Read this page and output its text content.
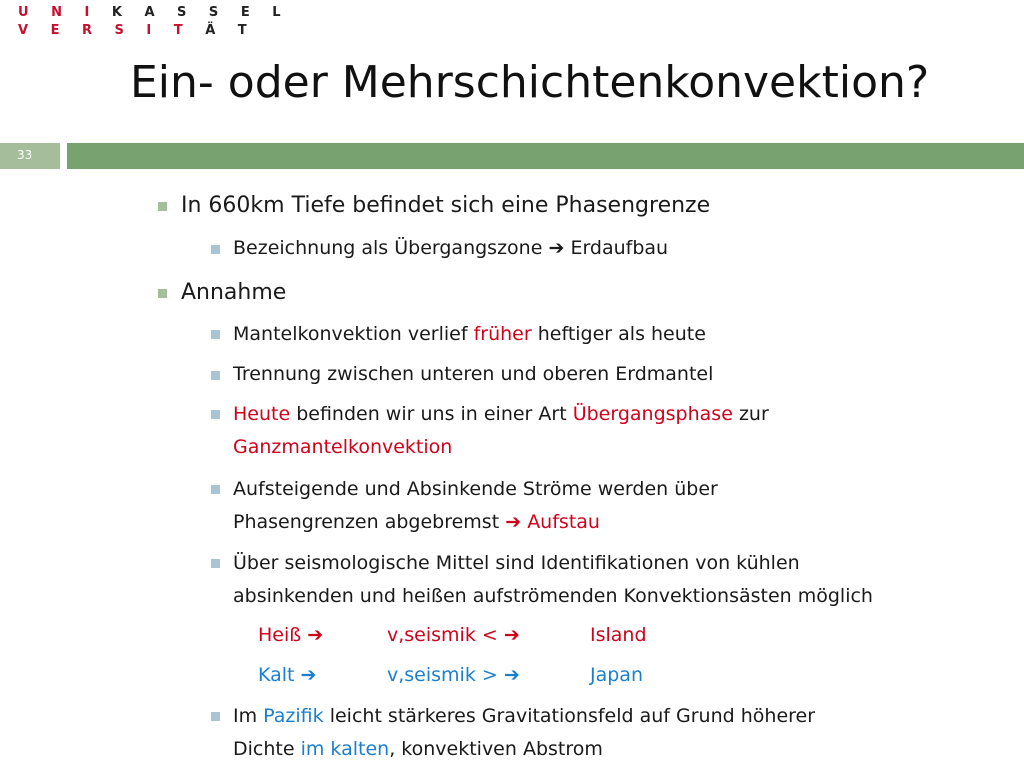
U N I K A S S E L
V E R S I T Ä T
Ein- oder Mehrschichtenkonvektion?
33
In 660km Tiefe befindet sich eine Phasengrenze
Bezeichnung als Übergangszone ➔ Erdaufbau
Annahme
Mantelkonvektion verlief früher heftiger als heute
Trennung zwischen unteren und oberen Erdmantel
Heute befinden wir uns in einer Art Übergangsphase zur
Ganzmantelkonvektion
Aufsteigende und Absinkende Ströme werden über
Phasengrenzen abgebremst ➔ Aufstau
Über seismologische Mittel sind Identifikationen von kühlen
absinkenden und heißen aufströmenden Konvektionsästen möglich
Heiß ➔	v,seismik < ➔	Island
Kalt ➔	v,seismik > ➔	Japan
Im Pazifik leicht stärkeres Gravitationsfeld auf Grund höherer
Dichte im kalten, konvektiven Abstrom
